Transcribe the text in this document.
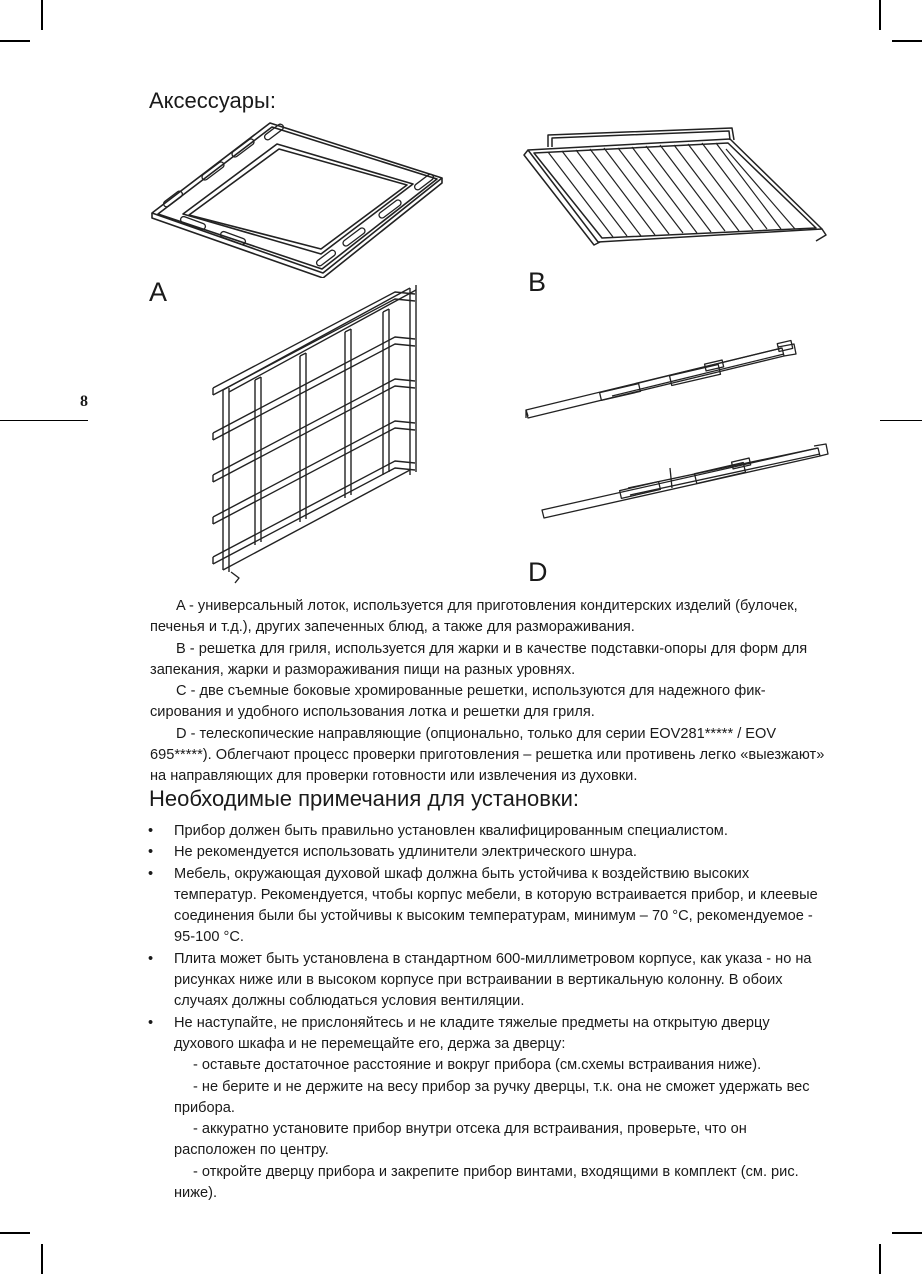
8
Аксессуары:
A	B
D

A - универсальный лоток, используется для приготовления кондитерских изделий (булочек, печенья и т.д.), других запеченных блюд, а также для размораживания.

B - решетка для гриля, используется для жарки и в качестве подставки-опоры для форм для запекания, жарки и размораживания пищи на разных уровнях.

C - две съемные боковые хромированные решетки, используются для надежного фик-сирования и удобного использования лотка и решетки для гриля.

D - телескопические направляющие (опционально, только для серии EOV281***** / EOV 695*****). Облегчают процесс проверки приготовления – решетка или противень легко «выезжают» на направляющих для проверки готовности или извлечения из духовки.

Необходимые примечания для установки:
• Прибор должен быть правильно установлен квалифицированным специалистом.
• Не рекомендуется использовать удлинители электрического шнура.
• Мебель, окружающая духовой шкаф должна быть устойчива к воздействию высоких температур. Рекомендуется, чтобы корпус мебели, в которую встраивается прибор, и клеевые соединения были бы устойчивы к высоким температурам, минимум – 70 °C, рекомендуемое - 95-100 °C.
• Плита может быть установлена в стандартном 600-миллиметровом корпусе, как указа - но на рисунках ниже или в высоком корпусе при встраивании в вертикальную колонну. В обоих случаях должны соблюдаться условия вентиляции.
• Не наступайте, не прислоняйтесь и не кладите тяжелые предметы на открытую дверцу духового шкафа и не перемещайте его, держа за дверцу:

- оставьте достаточное расстояние и вокруг прибора (см.схемы встраивания ниже).

- не берите и не держите на весу прибор за ручку дверцы, т.к. она не сможет удержать вес прибора.

- аккуратно установите прибор внутри отсека для встраивания, проверьте, что он расположен по центру.

- откройте дверцу прибора и закрепите прибор винтами, входящими в комплект (см. рис. ниже).
